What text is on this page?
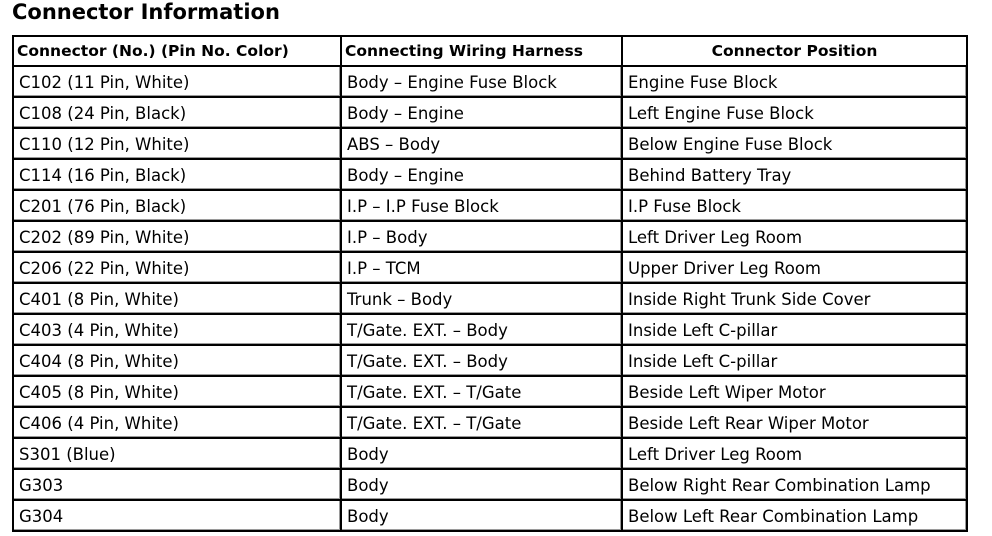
Connector Information
Connector (No.) (Pin No. Color)	Connecting Wiring Harness	Connector Position
C102 (11 Pin, White)	Body – Engine Fuse Block	Engine Fuse Block
C108 (24 Pin, Black)	Body – Engine	Left Engine Fuse Block
C110 (12 Pin, White)	ABS – Body	Below Engine Fuse Block
C114 (16 Pin, Black)	Body – Engine	Behind Battery Tray
C201 (76 Pin, Black)	I.P – I.P Fuse Block	I.P Fuse Block
C202 (89 Pin, White)	I.P – Body	Left Driver Leg Room
C206 (22 Pin, White)	I.P – TCM	Upper Driver Leg Room
C401 (8 Pin, White)	Trunk – Body	Inside Right Trunk Side Cover
C403 (4 Pin, White)	T/Gate. EXT. – Body	Inside Left C-pillar
C404 (8 Pin, White)	T/Gate. EXT. – Body	Inside Left C-pillar
C405 (8 Pin, White)	T/Gate. EXT. – T/Gate	Beside Left Wiper Motor
C406 (4 Pin, White)	T/Gate. EXT. – T/Gate	Beside Left Rear Wiper Motor
S301 (Blue)	Body	Left Driver Leg Room
G303	Body	Below Right Rear Combination Lamp
G304	Body	Below Left Rear Combination Lamp
